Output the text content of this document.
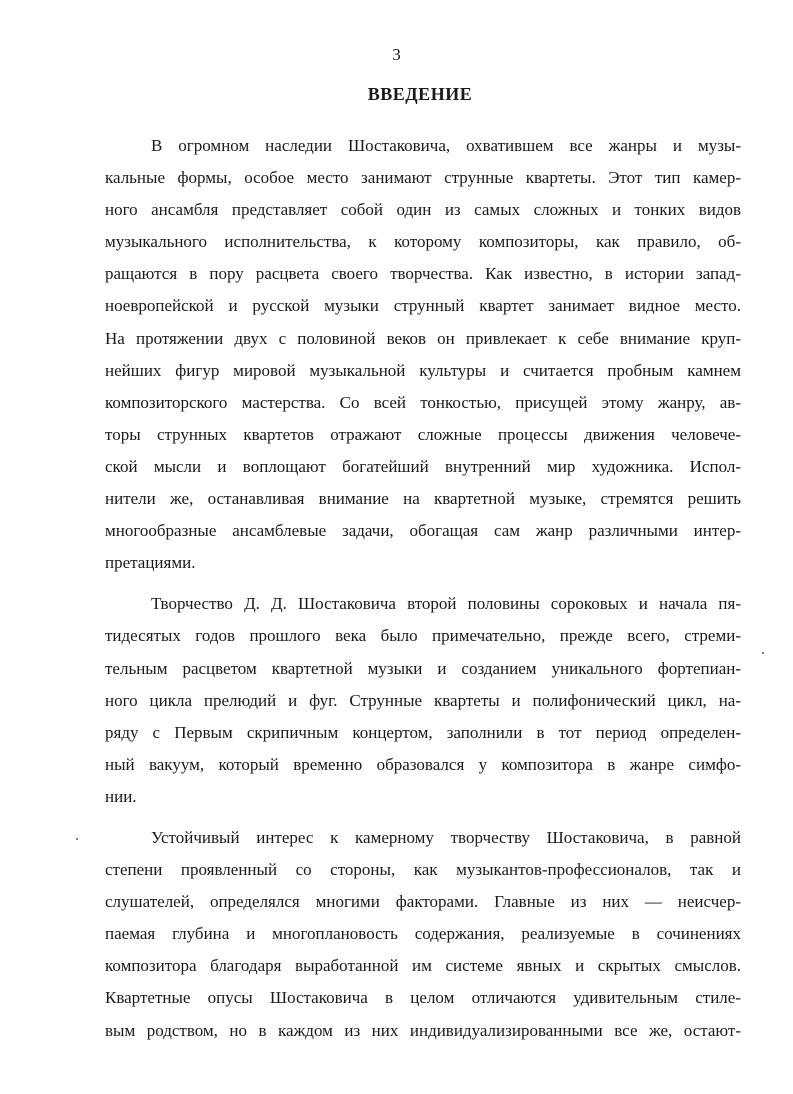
3
ВВЕДЕНИЕ
В огромном наследии Шостаковича, охватившем все жанры и музы-
кальные формы, особое место занимают струнные квартеты. Этот тип камер-
ного ансамбля представляет собой один из самых сложных и тонких видов
музыкального исполнительства, к которому композиторы, как правило, об-
ращаются в пору расцвета своего творчества. Как известно, в истории запад-
ноевропейской и русской музыки струнный квартет занимает видное место.
На протяжении двух с половиной веков он привлекает к себе внимание круп-
нейших фигур мировой музыкальной культуры и считается пробным камнем
композиторского мастерства. Со всей тонкостью, присущей этому жанру, ав-
торы струнных квартетов отражают сложные процессы движения человече-
ской мысли и воплощают богатейший внутренний мир художника. Испол-
нители же, останавливая внимание на квартетной музыке, стремятся решить
многообразные ансамблевые задачи, обогащая сам жанр различными интер-
претациями.
Творчество Д. Д. Шостаковича второй половины сороковых и начала пя-
тидесятых годов прошлого века было примечательно, прежде всего, стреми-
тельным расцветом квартетной музыки и созданием уникального фортепиан-
ного цикла прелюдий и фуг. Струнные квартеты и полифонический цикл, на-
ряду с Первым скрипичным концертом, заполнили в тот период определен-
ный вакуум, который временно образовался у композитора в жанре симфо-
нии.
Устойчивый интерес к камерному творчеству Шостаковича, в равной
степени проявленный со стороны, как музыкантов-профессионалов, так и
слушателей, определялся многими факторами. Главные из них — неисчер-
паемая глубина и многоплановость содержания, реализуемые в сочинениях
композитора благодаря выработанной им системе явных и скрытых смыслов.
Квартетные опусы Шостаковича в целом отличаются удивительным стиле-
вым родством, но в каждом из них индивидуализированными все же, остают-
